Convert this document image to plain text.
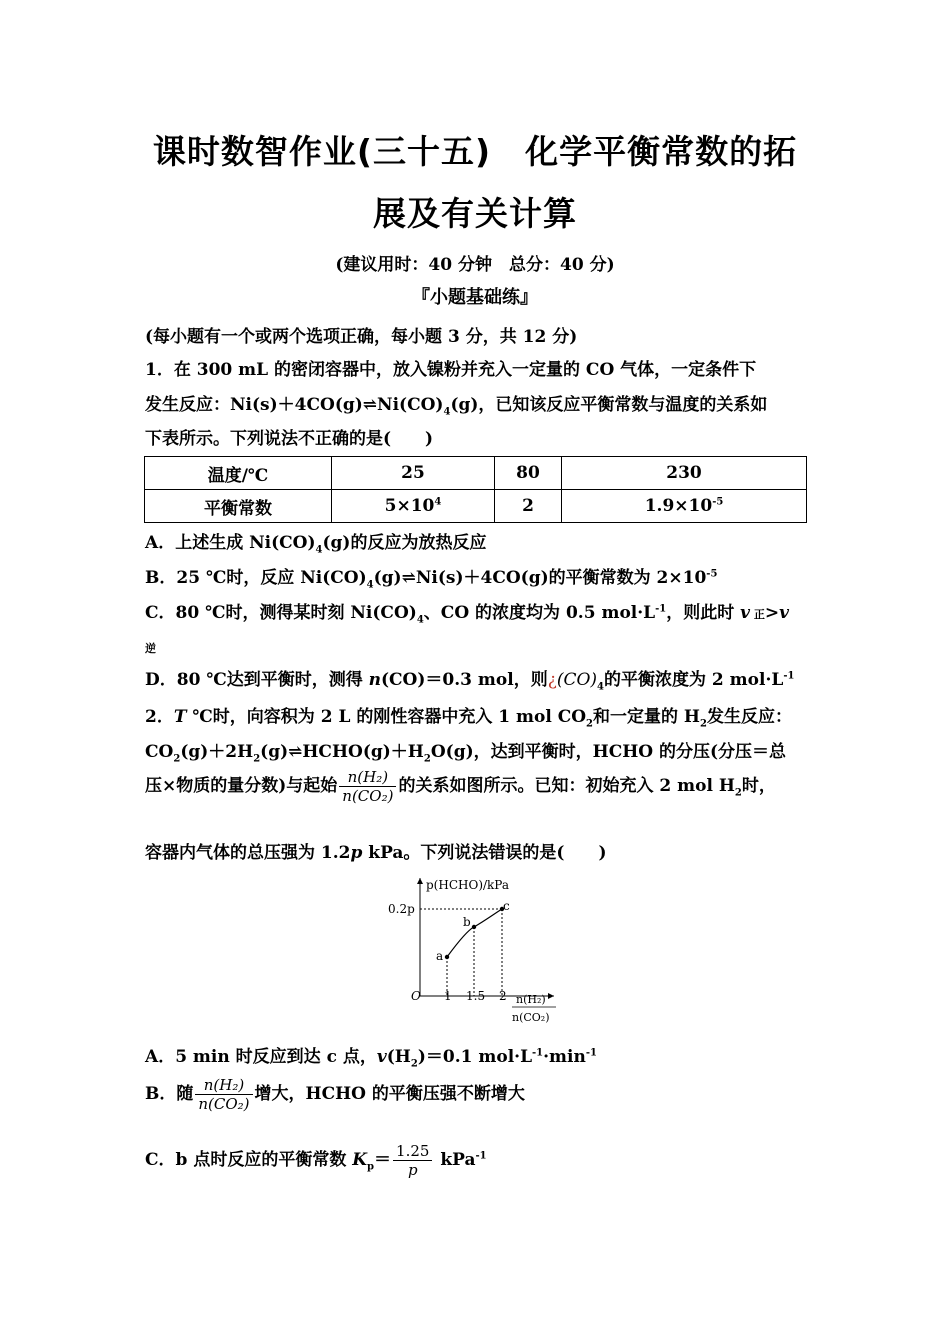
课时数智作业(三十五)　化学平衡常数的拓
展及有关计算
(建议用时：40 分钟　总分：40 分)
『小题基础练』
(每小题有一个或两个选项正确，每小题 3 分，共 12 分)
1．在 300 mL 的密闭容器中，放入镍粉并充入一定量的 CO 气体，一定条件下
发生反应：$Ni(s)+4CO(g)\rightleftharpoons Ni(CO)_4(g)$，已知该反应平衡常数与温度的关系如
下表所示。下列说法不正确的是(　　)
温度/℃	25	80	230
平衡常数	$5\times 10^4$	2	$1.9\times 10^{-5}$
A．上述生成 $Ni(CO)_4(g)$的反应为放热反应
B．25 ℃时，反应 $Ni(CO)_4(g)\rightleftharpoons Ni(s)+4CO(g)$的平衡常数为 $2\times 10^{-5}$
C．80 ℃时，测得某时刻 $Ni(CO)_4$、CO 的浓度均为 0.5 $mol\cdot L^{-1}$，则此时 v 正>v
逆
D．80 ℃达到平衡时，测得 n(CO)＝0.3 mol，则¿$(CO)_4$的平衡浓度为 2 $mol\cdot L^{-1}$
2．T ℃时，向容积为 2 L 的刚性容器中充入 1 mol $CO_2$和一定量的 $H_2$发生反应：
$CO_2(g)+2H_2(g)\rightleftharpoons HCHO(g)+H_2O(g)$，达到平衡时，HCHO 的分压(分压＝总
压×物质的量分数)与起始 $\frac{\text{n(H₂)}}{\text{n(CO₂)}}$ 的关系如图所示。已知：初始充入 2 mol $H_2$时，
容器内气体的总压强为 1.2p kPa。下列说法错误的是(　　)
p(HCHO)/kPa
0.2p
O
a
b
c
1 1.5 2 n(H₂)
n(CO₂)
A．5 min 时反应到达 c 点，$v(H_2)=0.1$ $mol\cdot L^{-1}\cdot\min^{-1}$
B．随 $\frac{\text{n(H₂)}}{\text{n(CO₂)}}$ 增大，HCHO 的平衡压强不断增大
C．b 点时反应的平衡常数 $K_p= \frac{1.25}{p} kPa^{-1}$
